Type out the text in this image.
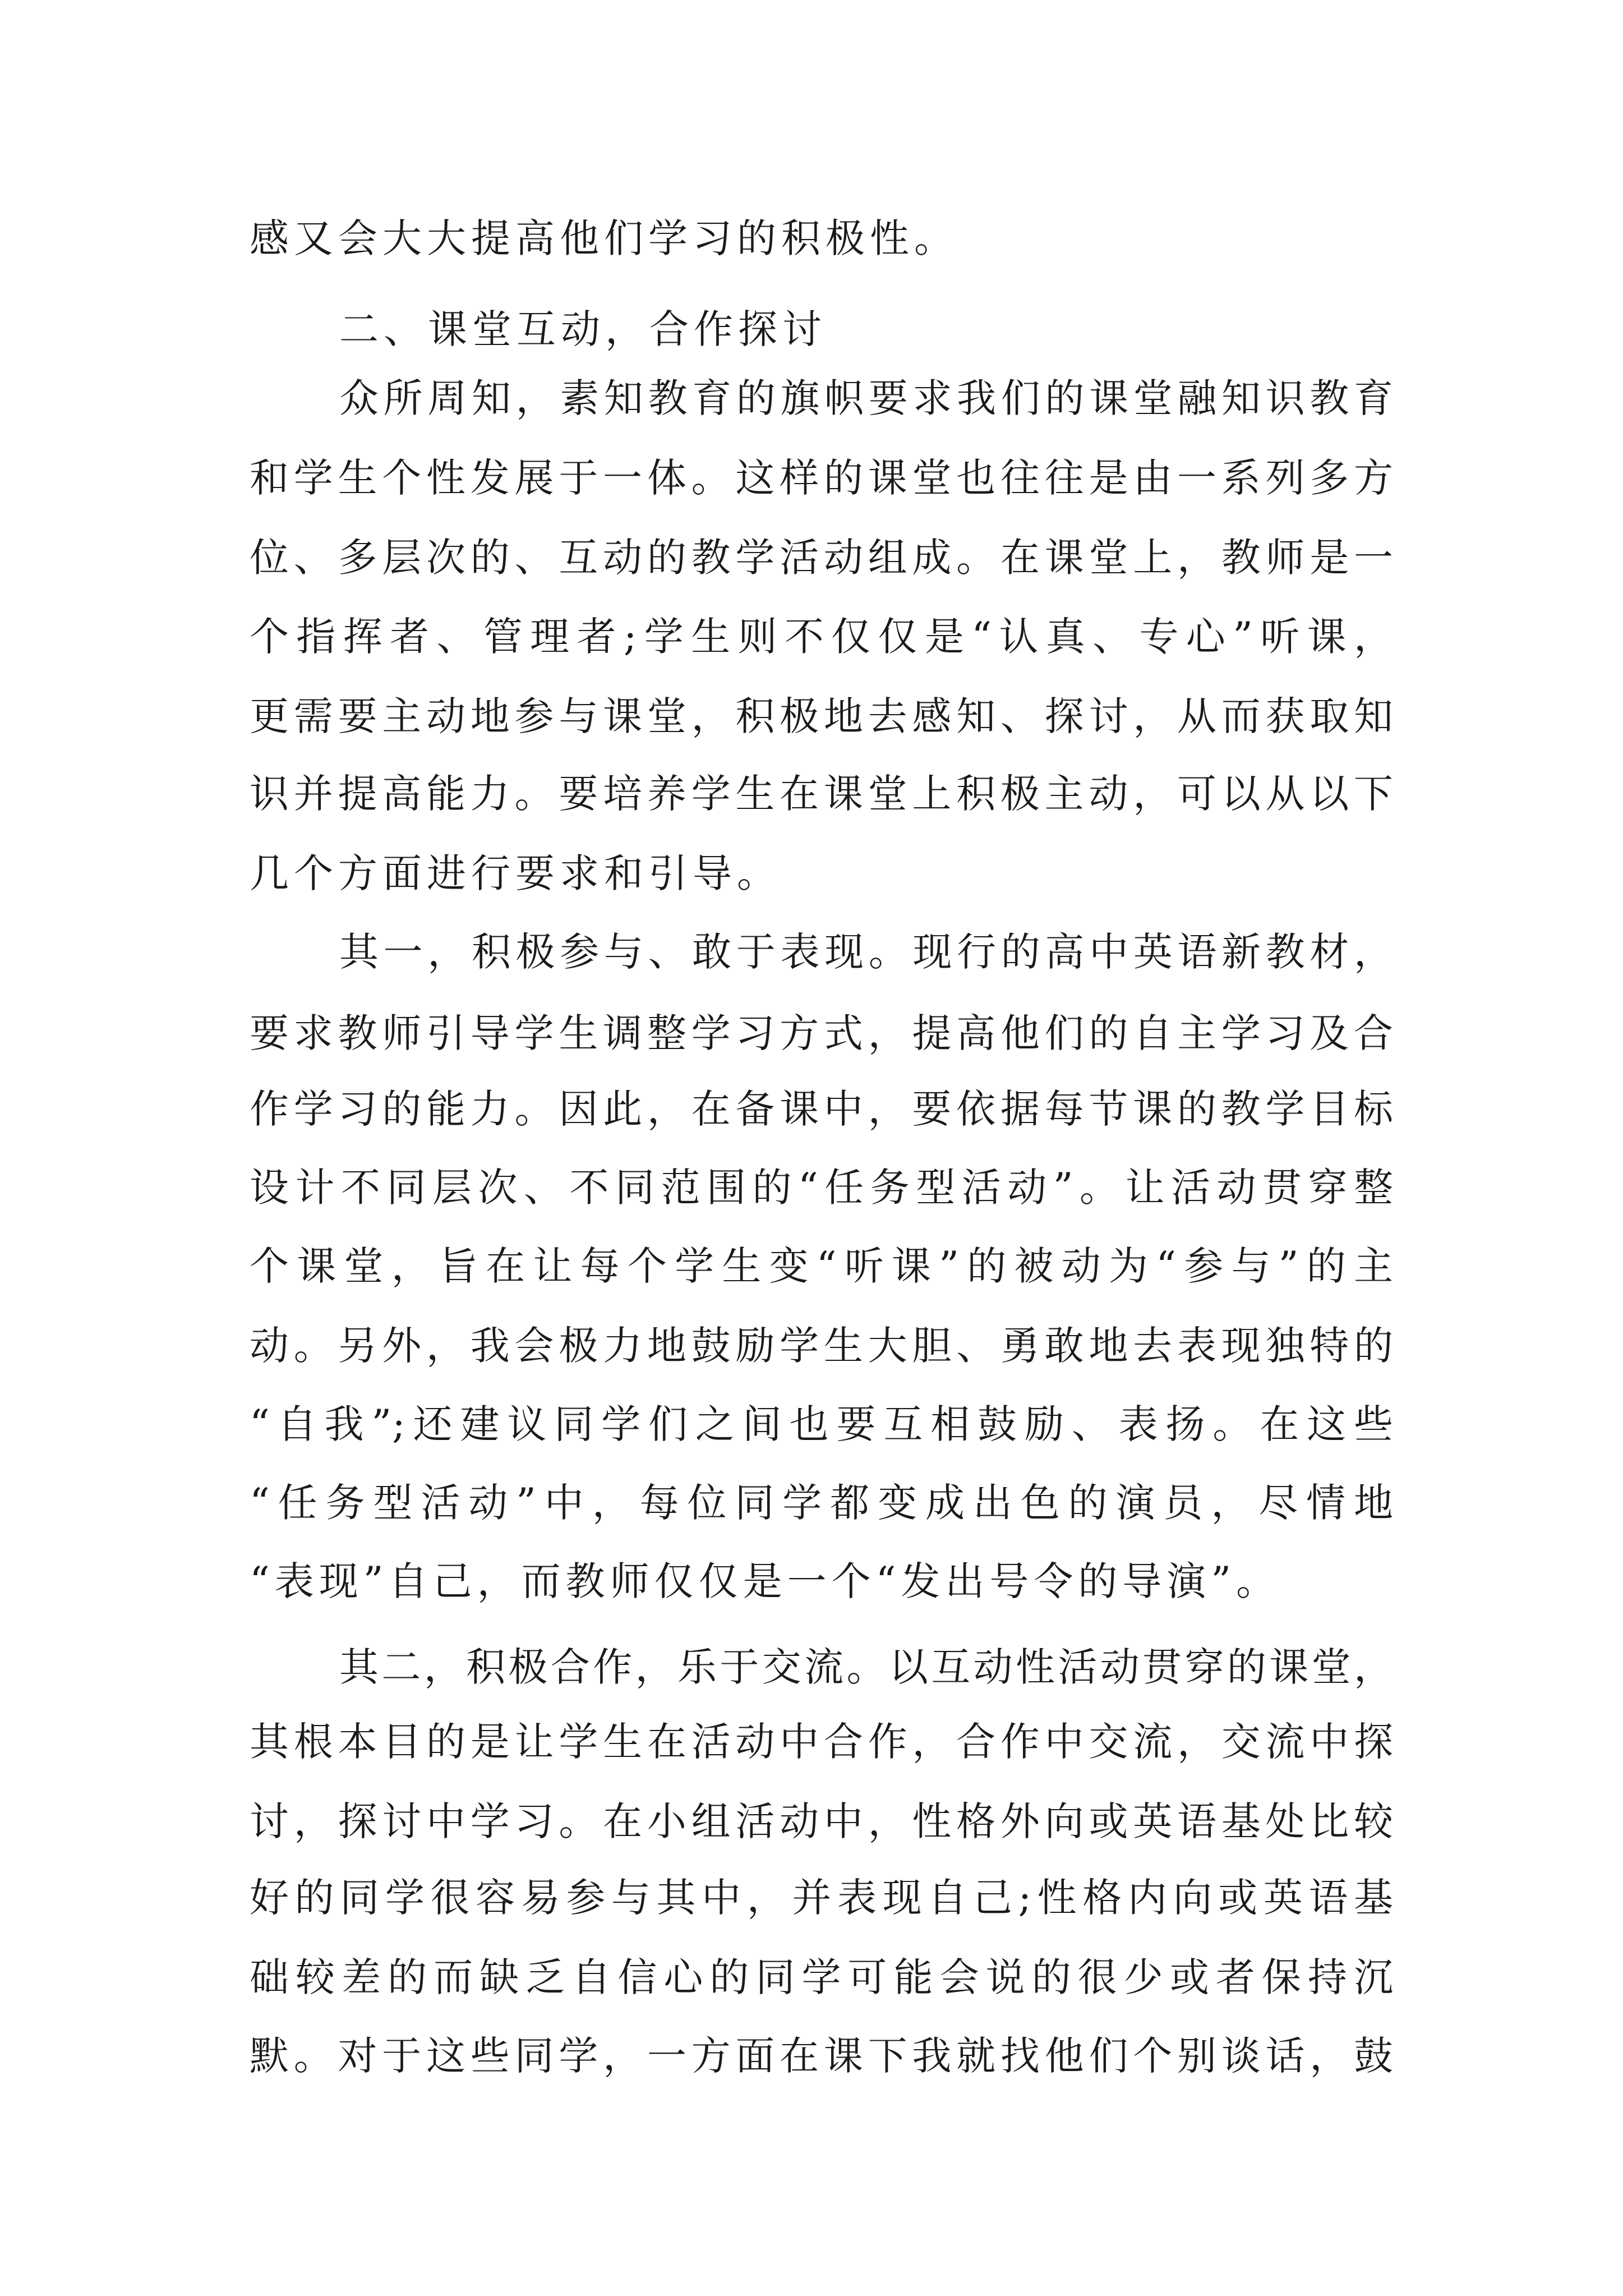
感又会大大提高他们学习的积极性。

二、课堂互动，合作探讨

众所周知，素知教育的旗帜要求我们的课堂融知识教育

和学生个性发展于一体。这样的课堂也往往是由一系列多方

位、多层次的、互动的教学活动组成。在课堂上，教师是一

个指挥者、管理者;学生则不仅仅是“认真、专心”听课，

更需要主动地参与课堂，积极地去感知、探讨，从而获取知

识并提高能力。要培养学生在课堂上积极主动，可以从以下

几个方面进行要求和引导。

其一，积极参与、敢于表现。现行的高中英语新教材，

要求教师引导学生调整学习方式，提高他们的自主学习及合

作学习的能力。因此，在备课中，要依据每节课的教学目标

设计不同层次、不同范围的“任务型活动”。让活动贯穿整

个课堂，旨在让每个学生变“听课”的被动为“参与”的主

动。另外，我会极力地鼓励学生大胆、勇敢地去表现独特的

“自我”;还建议同学们之间也要互相鼓励、表扬。在这些

“任务型活动”中，每位同学都变成出色的演员，尽情地

“表现”自己，而教师仅仅是一个“发出号令的导演”。

其二，积极合作，乐于交流。以互动性活动贯穿的课堂，

其根本目的是让学生在活动中合作，合作中交流，交流中探

讨，探讨中学习。在小组活动中，性格外向或英语基处比较

好的同学很容易参与其中，并表现自己;性格内向或英语基

础较差的而缺乏自信心的同学可能会说的很少或者保持沉

默。对于这些同学，一方面在课下我就找他们个别谈话，鼓
